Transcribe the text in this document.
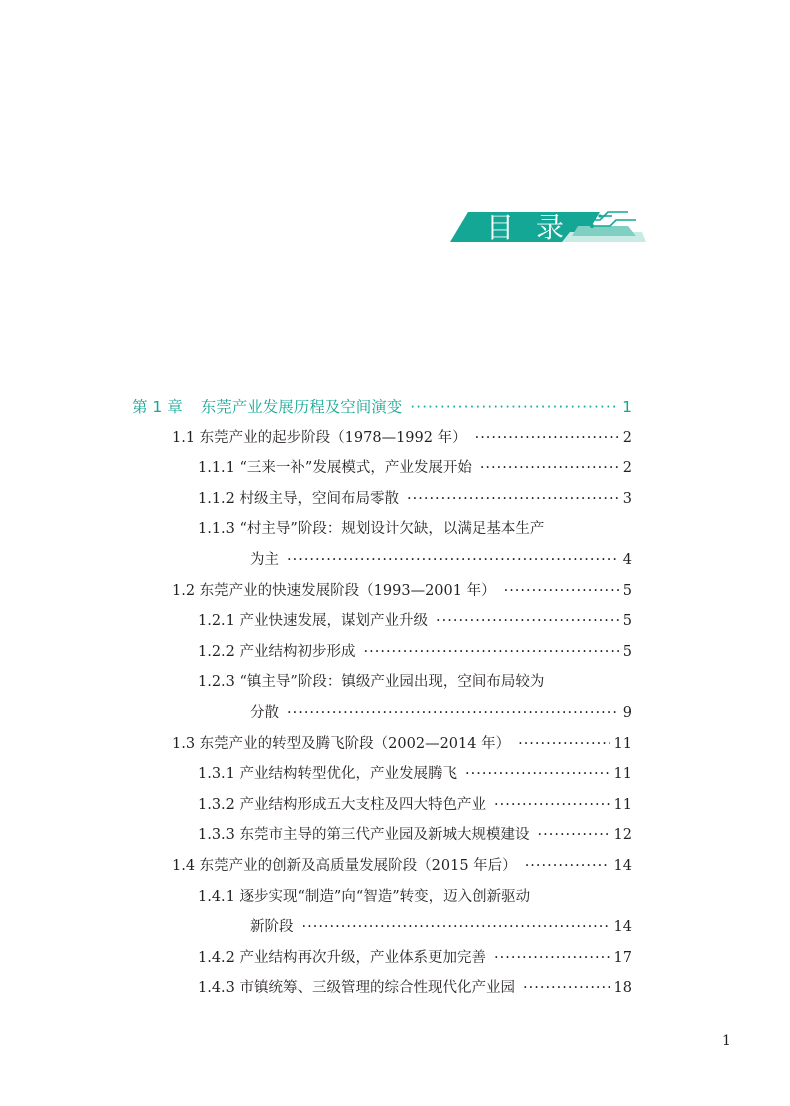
目录
第 1 章 东莞产业发展历程及空间演变 ·····	1
1.1 东莞产业的起步阶段（1978—1992 年） ·····	2
1.1.1 “三来一补”发展模式，产业发展开始 ·····	2
1.1.2 村级主导，空间布局零散 ·····	3
1.1.3 “村主导”阶段：规划设计欠缺，以满足基本生产
为主 ·····	4
1.2 东莞产业的快速发展阶段（1993—2001 年） ·····	5
1.2.1 产业快速发展，谋划产业升级 ·····	5
1.2.2 产业结构初步形成 ·····	5
1.2.3 “镇主导”阶段：镇级产业园出现，空间布局较为
分散 ·····	9
1.3 东莞产业的转型及腾飞阶段（2002—2014 年） ·····	11
1.3.1 产业结构转型优化，产业发展腾飞 ·····	11
1.3.2 产业结构形成五大支柱及四大特色产业 ·····	11
1.3.3 东莞市主导的第三代产业园及新城大规模建设 ·····	12
1.4 东莞产业的创新及高质量发展阶段（2015 年后） ·····	14
1.4.1 逐步实现“制造”向“智造”转变，迈入创新驱动
新阶段 ·····	14
1.4.2 产业结构再次升级，产业体系更加完善 ·····	17
1.4.3 市镇统筹、三级管理的综合性现代化产业园 ·····	18
1
